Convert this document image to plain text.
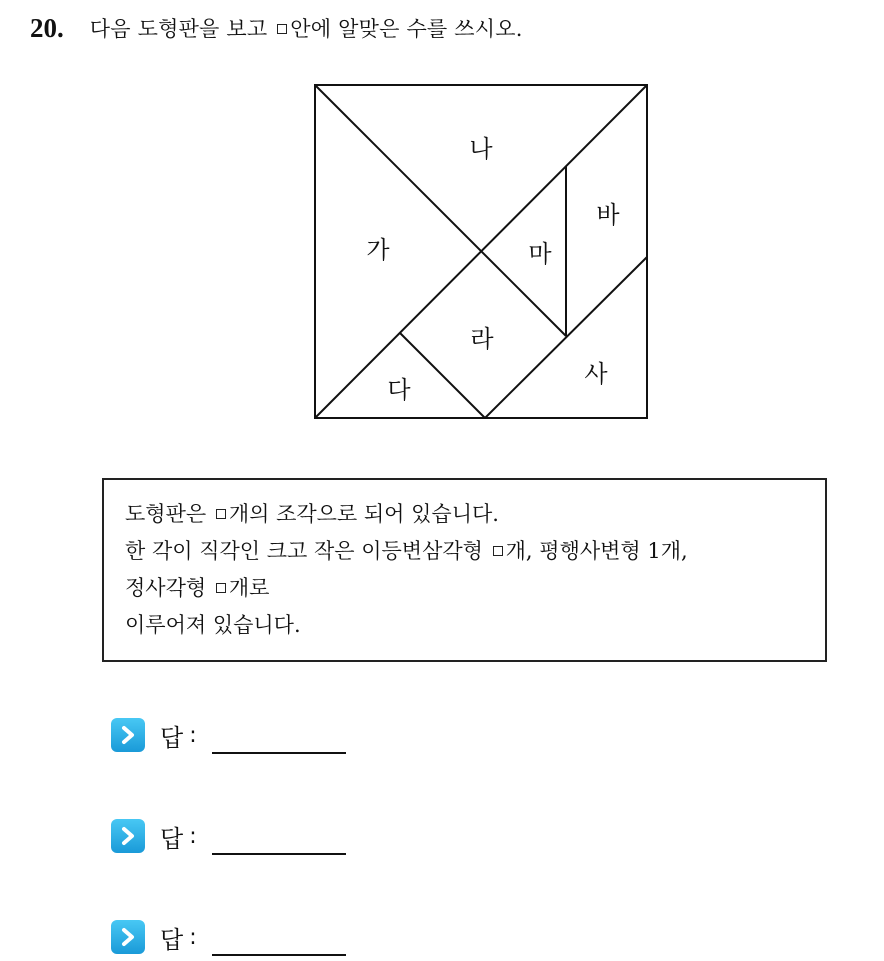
20. 다음 도형판을 보고 안에 알맞은 수를 쓰시오.
나
가
바
마
라
사
다
도형판은 개의 조각으로 되어 있습니다.
한 각이 직각인 크고 작은 이등변삼각형 개, 평행사변형 1개,
정사각형 개로
이루어져 있습니다.
답 :
답 :
답 :
